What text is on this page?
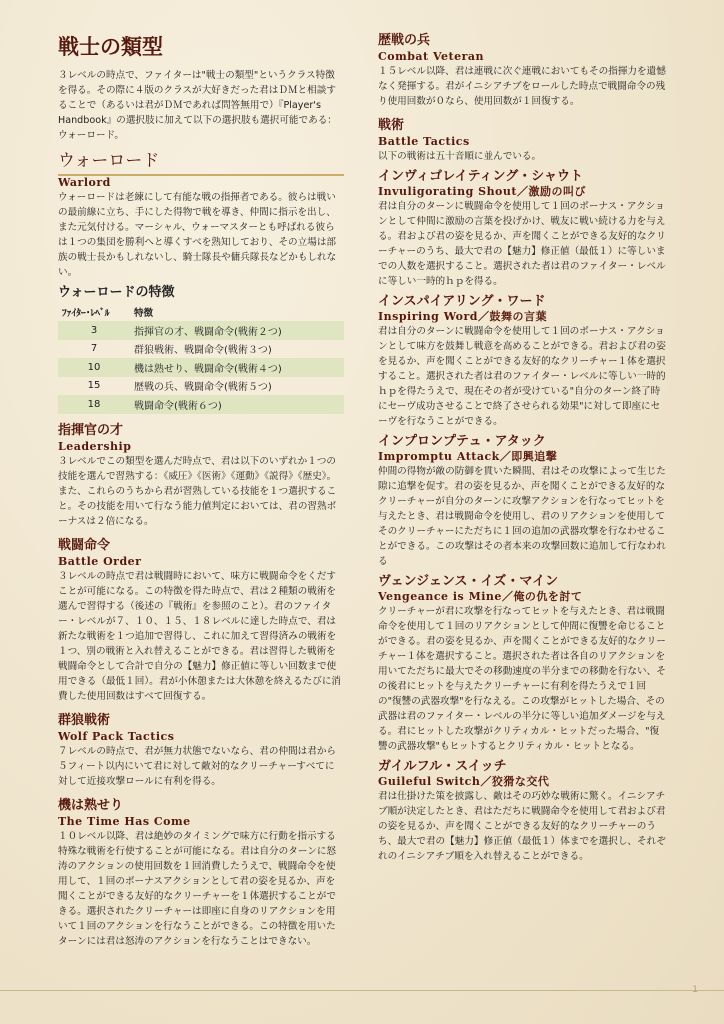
戦士の類型

３レベルの時点で、ファイターは"戦士の類型"というクラス特徴を得る。その際に４版のクラスが大好きだった君はＤＭと相談することで（あるいは君がＤＭであれば問答無用で）『Player's Handbook』の選択肢に加えて以下の選択肢も選択可能である：ウォーロード。

ウォーロード
Warlord

ウォーロードは老練にして有能な戦の指揮者である。彼らは戦いの最前線に立ち、手にした得物で戦を導き、仲間に指示を出し、また元気付ける。マーシャル、ウォーマスターとも呼ばれる彼らは１つの集団を勝利へと導くすべを熟知しており、その立場は部族の戦士長かもしれないし、騎士隊長や傭兵隊長などかもしれない。

ウォーロードの特徴
ﾌｧｲﾀｰ･ﾚﾍﾞﾙ	特徴
3	指揮官の才、戦闘命令(戦術２つ)
7	群狼戦術、戦闘命令(戦術３つ)
10	機は熟せり、戦闘命令(戦術４つ)
15	歴戦の兵、戦闘命令(戦術５つ)
18	戦闘命令(戦術６つ)
指揮官の才
Leadership

３レベルでこの類型を選んだ時点で、君は以下のいずれか１つの技能を選んで習熟する：《威圧》《医術》《運動》《説得》《歴史》。また、これらのうちから君が習熟している技能を１つ選択すること。その技能を用いて行なう能力値判定においては、君の習熟ボーナスは２倍になる。

戦闘命令
Battle Order

３レベルの時点で君は戦闘時において、味方に戦闘命令をくだすことが可能になる。この特徴を得た時点で、君は２種類の戦術を選んで習得する（後述の『戦術』を参照のこと）。君のファイター・レベルが７、１０、１５、１８レベルに達した時点で、君は新たな戦術を１つ追加で習得し、これに加えて習得済みの戦術を１つ、別の戦術と入れ替えることができる。君は習得した戦術を戦闘命令として合計で自分の【魅力】修正値に等しい回数まで使用できる（最低１回）。君が小休憩または大休憩を終えるたびに消費した使用回数はすべて回復する。

群狼戦術
Wolf Pack Tactics

７レベルの時点で、君が無力状態でないなら、君の仲間は君から５フィート以内にいて君に対して敵対的なクリーチャーすべてに対して近接攻撃ロールに有利を得る。

機は熟せり
The Time Has Come

１０レベル以降、君は絶妙のタイミングで味方に行動を指示する特殊な戦術を行使することが可能になる。君は自分のターンに怒涛のアクションの使用回数を１回消費したうえで、戦闘命令を使用して、１回のボーナスアクションとして君の姿を見るか、声を聞くことができる友好的なクリーチャーを１体選択することができる。選択されたクリーチャーは即座に自身のリアクションを用いて１回のアクションを行なうことができる。この特徴を用いたターンには君は怒涛のアクションを行なうことはできない。

歴戦の兵
Combat Veteran

１５レベル以降、君は連戦に次ぐ連戦においてもその指揮力を遺憾なく発揮する。君がイニシアチブをロールした時点で戦闘命令の残り使用回数が０なら、使用回数が１回復する。

戦術
Battle Tactics

以下の戦術は五十音順に並んでいる。

インヴィゴレイティング・シャウト
Invuligorating Shout／激励の叫び

君は自分のターンに戦闘命令を使用して１回のボーナス・アクションとして仲間に激励の言葉を投げかけ、戦友に戦い続ける力を与える。君および君の姿を見るか、声を聞くことができる友好的なクリーチャーのうち、最大で君の【魅力】修正値（最低１）に等しいまでの人数を選択すること。選択された者は君のファイター・レベルに等しい一時的ｈｐを得る。

インスパイアリング・ワード
Inspiring Word／鼓舞の言葉

君は自分のターンに戦闘命令を使用して１回のボーナス・アクションとして味方を鼓舞し戦意を高めることができる。君および君の姿を見るか、声を聞くことができる友好的なクリーチャー１体を選択すること。選択された者は君のファイター・レベルに等しい一時的ｈｐを得たうえで、現在その者が受けている"自分のターン終了時にセーヴ成功させることで終了させられる効果"に対して即座にセーヴを行なうことができる。

インプロンプテュ・アタック
Impromptu Attack／即興追撃

仲間の得物が敵の防御を貫いた瞬間、君はその攻撃によって生じた隙に追撃を促す。君の姿を見るか、声を聞くことができる友好的なクリーチャーが自分のターンに攻撃アクションを行なってヒットを与えたとき、君は戦闘命令を使用し、君のリアクションを使用してそのクリーチャーにただちに１回の追加の武器攻撃を行なわせることができる。この攻撃はその者本来の攻撃回数に追加して行なわれる

ヴェンジェンス・イズ・マイン
Vengeance is Mine／俺の仇を討て

クリーチャーが君に攻撃を行なってヒットを与えたとき、君は戦闘命令を使用して１回のリアクションとして仲間に復讐を命じることができる。君の姿を見るか、声を聞くことができる友好的なクリーチャー１体を選択すること。選択された者は各自のリアクションを用いてただちに最大でその移動速度の半分までの移動を行ない、その後君にヒットを与えたクリーチャーに有利を得たうえで１回の"復讐の武器攻撃"を行なえる。この攻撃がヒットした場合、その武器は君のファイター・レベルの半分に等しい追加ダメージを与える。君にヒットした攻撃がクリティカル・ヒットだった場合、"復讐の武器攻撃"もヒットするとクリティカル・ヒットとなる。

ガイルフル・スイッチ
Guileful Switch／狡猾な交代

君は仕掛けた策を披露し、敵はその巧妙な戦術に驚く。イニシアチブ順が決定したとき、君はただちに戦闘命令を使用して君および君の姿を見るか、声を聞くことができる友好的なクリーチャーのうち、最大で君の【魅力】修正値（最低１）体までを選択し、それぞれのイニシアチブ順を入れ替えることができる。

1
